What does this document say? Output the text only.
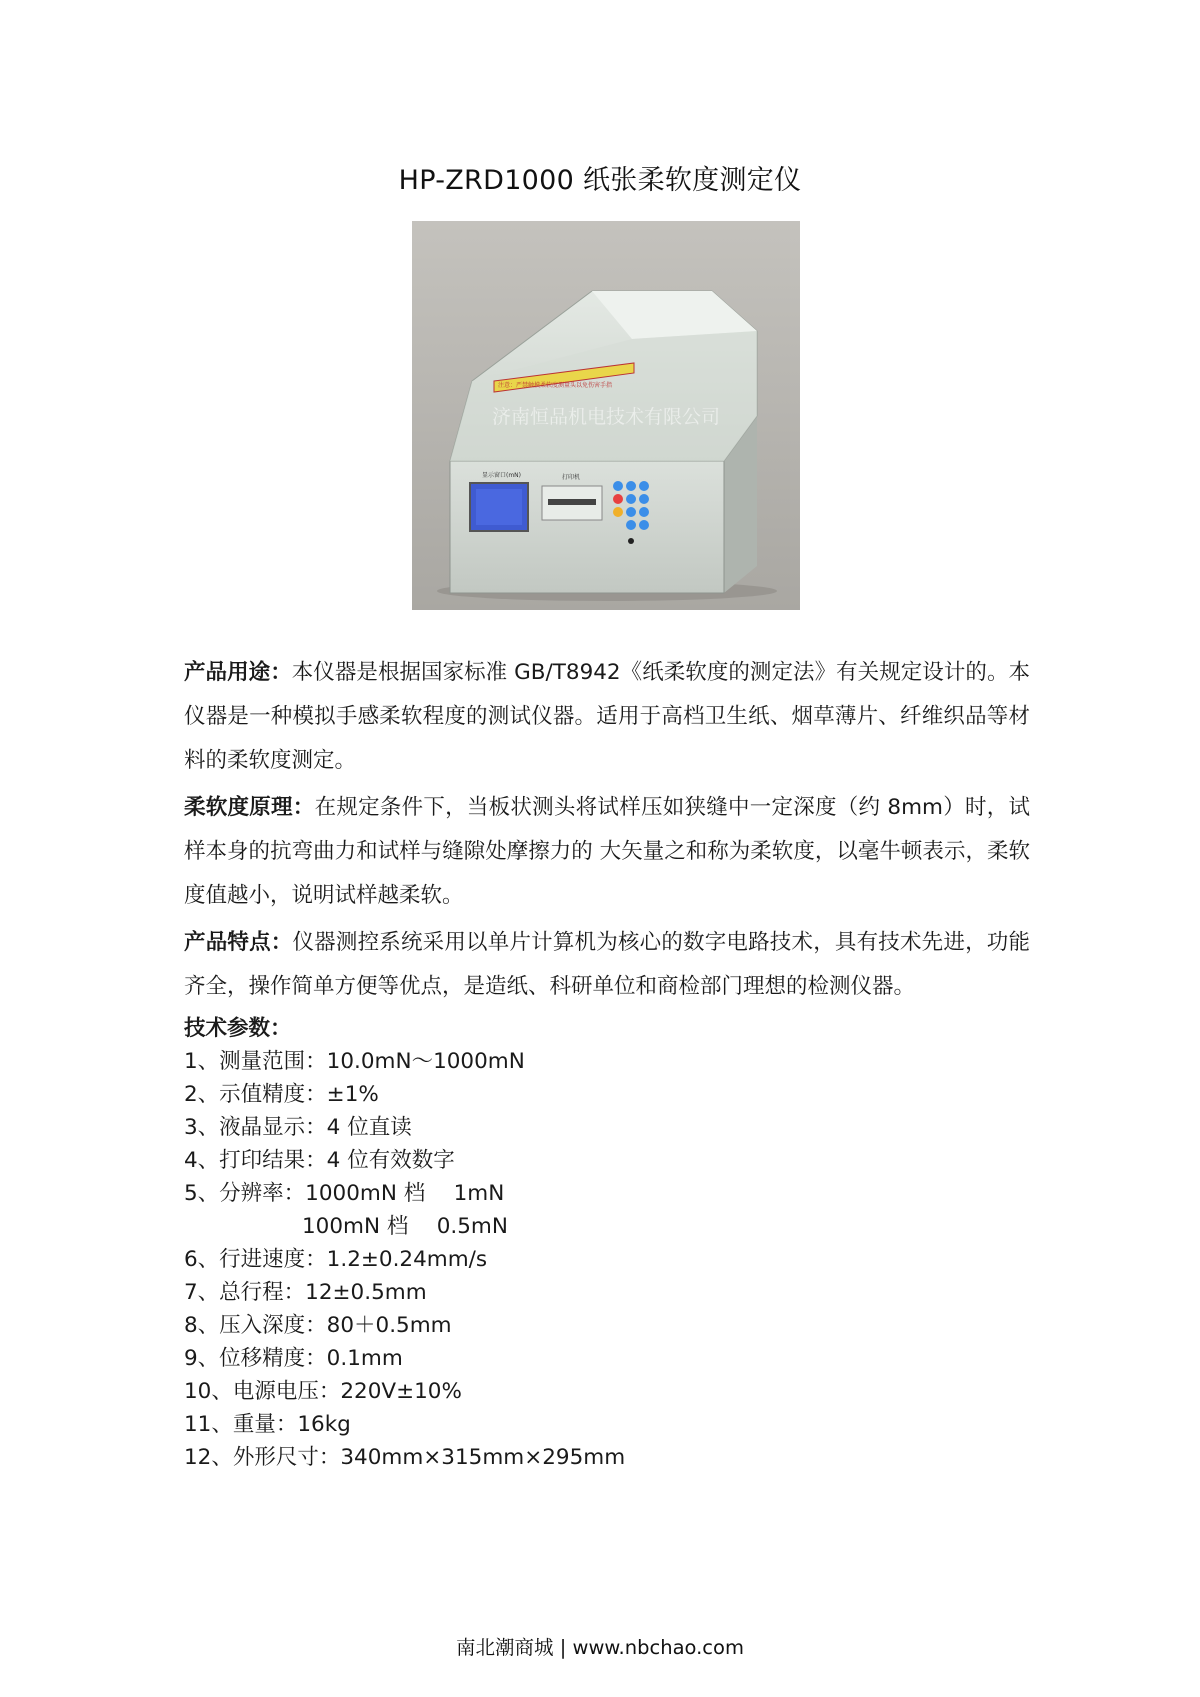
HP-ZRD1000 纸张柔软度测定仪
注意：严禁触摸柔软度测量头以免伤害手指
显示窗口(mN)	打印机
济南恒品机电技术有限公司

产品用途：本仪器是根据国家标准 GB/T8942《纸柔软度的测定法》有关规定设计的。本仪器是一种模拟手感柔软程度的测试仪器。适用于高档卫生纸、烟草薄片、纤维织品等材料的柔软度测定。

柔软度原理：在规定条件下，当板状测头将试样压如狭缝中一定深度（约 8mm）时，试样本身的抗弯曲力和试样与缝隙处摩擦力的 大矢量之和称为柔软度，以毫牛顿表示，柔软度值越小，说明试样越柔软。

产品特点：仪器测控系统采用以单片计算机为核心的数字电路技术，具有技术先进，功能齐全，操作简单方便等优点，是造纸、科研单位和商检部门理想的检测仪器。

技术参数：
1、测量范围：10.0mN～1000mN
2、示值精度：±1%
3、液晶显示：4 位直读
4、打印结果：4 位有效数字
5、分辨率：1000mN 档　 1mN
100mN 档　 0.5mN
6、行进速度：1.2±0.24mm/s
7、总行程：12±0.5mm
8、压入深度：80＋0.5mm
9、位移精度：0.1mm
10、电源电压：220V±10%
11、重量：16kg
12、外形尺寸：340mm×315mm×295mm
南北潮商城 | www.nbchao.com
